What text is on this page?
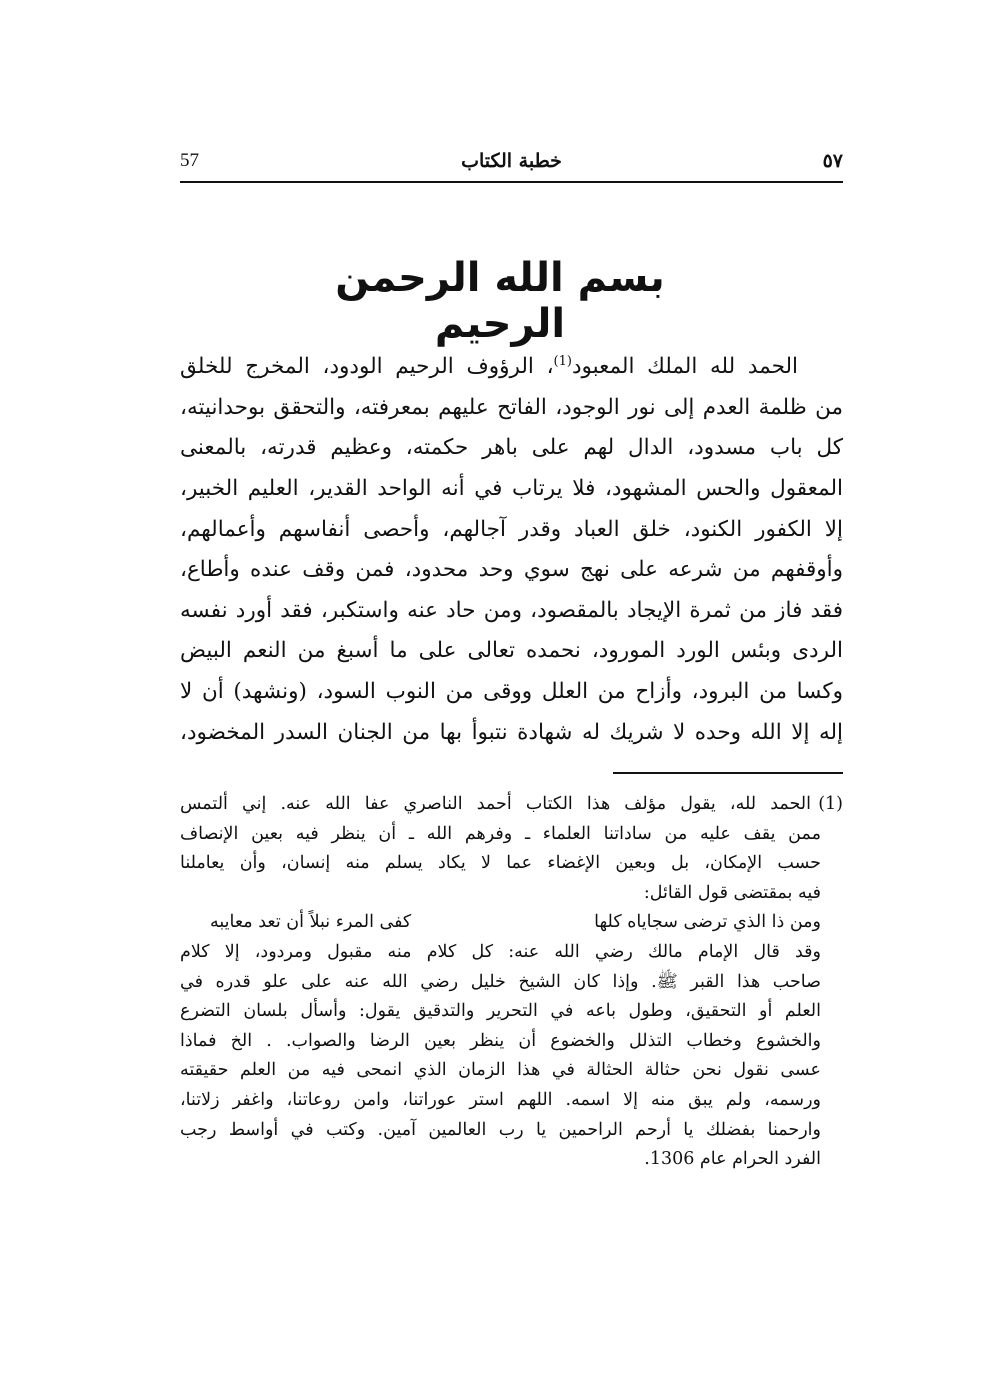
57	خطبة الكتاب	٥٧
بسم الله الرحمن الرحيم
الحمد لله الملك المعبود$^{(1)}$، الرؤوف الرحيم الودود، المخرج للخلق
من ظلمة العدم إلى نور الوجود، الفاتح عليهم بمعرفته، والتحقق بوحدانيته،
كل باب مسدود، الدال لهم على باهر حكمته، وعظيم قدرته، بالمعنى
المعقول والحس المشهود، فلا يرتاب في أنه الواحد القدير، العليم الخبير،
إلا الكفور الكنود، خلق العباد وقدر آجالهم، وأحصى أنفاسهم وأعمالهم،
وأوقفهم من شرعه على نهج سوي وحد محدود، فمن وقف عنده وأطاع،
فقد فاز من ثمرة الإيجاد بالمقصود، ومن حاد عنه واستكبر، فقد أورد نفسه
الردى وبئس الورد المورود، نحمده تعالى على ما أسبغ من النعم البيض
وكسا من البرود، وأزاح من العلل ووقى من النوب السود، (ونشهد) أن لا
إله إلا الله وحده لا شريك له شهادة نتبوأ بها من الجنان السدر المخضود،
(1)
الحمد لله، يقول مؤلف هذا الكتاب أحمد الناصري عفا الله عنه. إني ألتمس
ممن يقف عليه من ساداتنا العلماء ـ وفرهم الله ـ أن ينظر فيه بعين الإنصاف
حسب الإمكان، بل وبعين الإغضاء عما لا يكاد يسلم منه إنسان، وأن يعاملنا
فيه بمقتضى قول القائل:
ومن ذا الذي ترضى سجاياه كلها
كفى المرء نبلاً أن تعد معايبه
وقد قال الإمام مالك رضي الله عنه: كل كلام منه مقبول ومردود، إلا كلام
صاحب هذا القبر ﷺ. وإذا كان الشيخ خليل رضي الله عنه على علو قدره في
العلم أو التحقيق، وطول باعه في التحرير والتدقيق يقول: وأسأل بلسان التضرع
والخشوع وخطاب التذلل والخضوع أن ينظر بعين الرضا والصواب. . الخ فماذا
عسى نقول نحن حثالة الحثالة في هذا الزمان الذي انمحى فيه من العلم حقيقته
ورسمه، ولم يبق منه إلا اسمه. اللهم استر عوراتنا، وامن روعاتنا، واغفر زلاتنا،
وارحمنا بفضلك يا أرحم الراحمين يا رب العالمين آمين. وكتب في أواسط رجب
الفرد الحرام عام 1306.
